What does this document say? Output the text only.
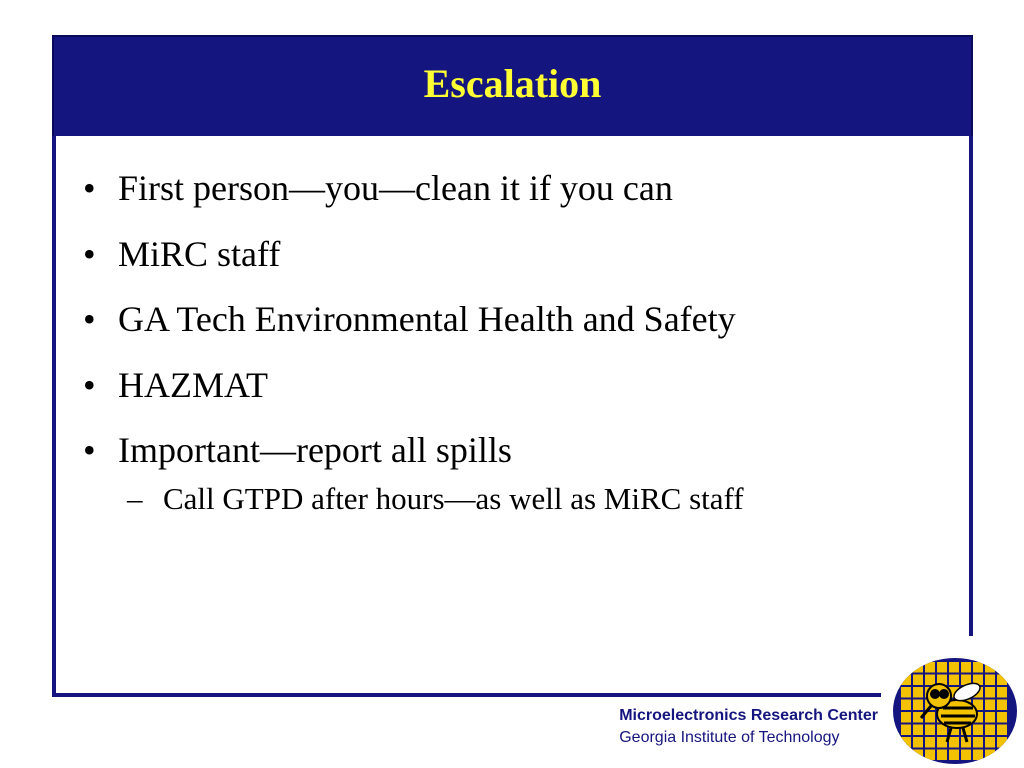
Escalation
• First person—you—clean it if you can
• MiRC staff
• GA Tech Environmental Health and Safety
• HAZMAT
• Important—report all spills
– Call GTPD after hours—as well as MiRC staff
Microelectronics Research Center
Georgia Institute of Technology
